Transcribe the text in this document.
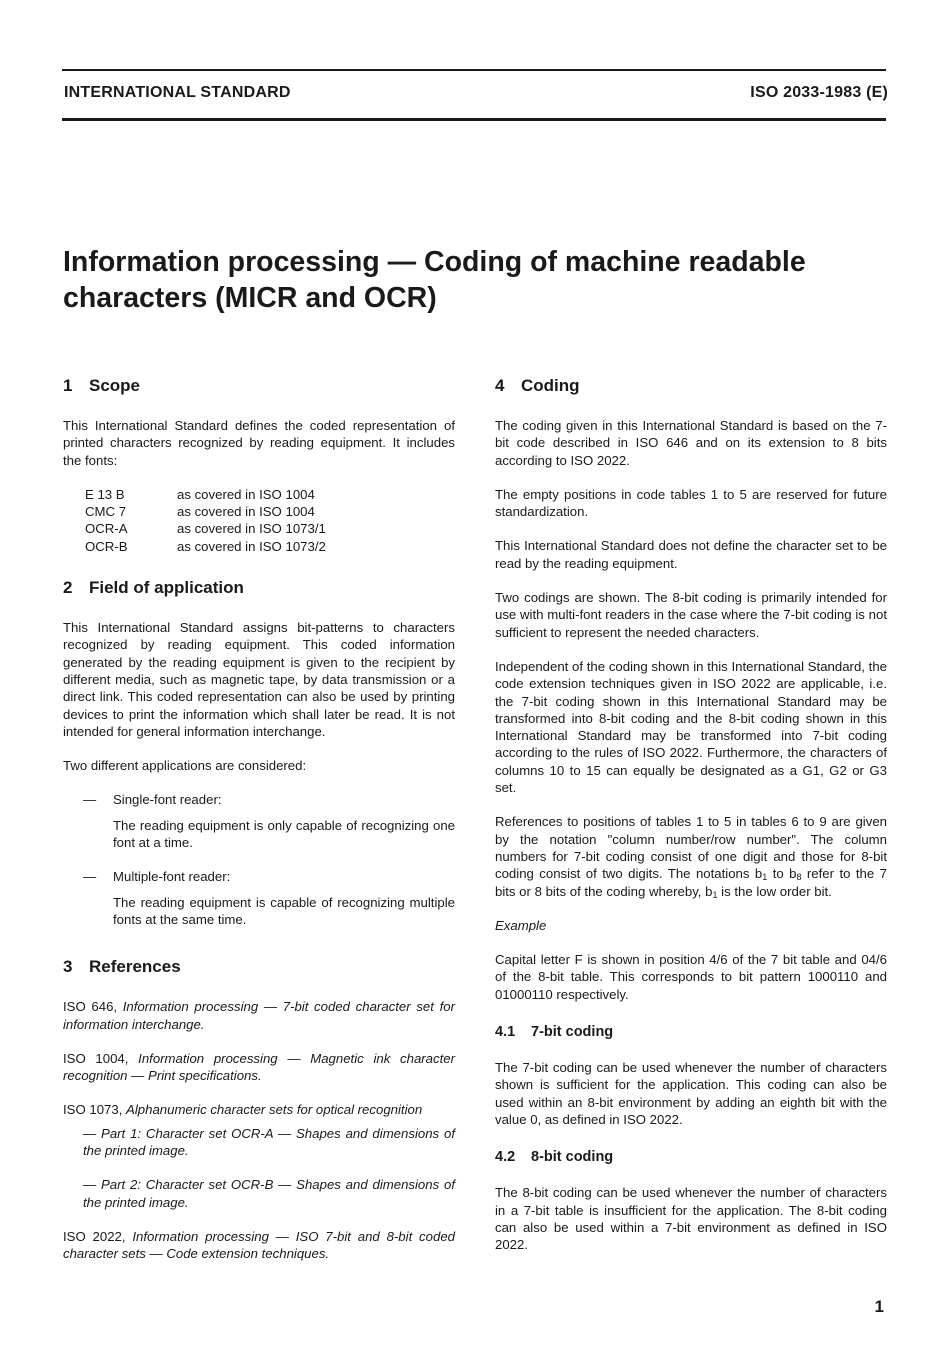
INTERNATIONAL STANDARD	ISO 2033-1983 (E)
Information processing — Coding of machine readable characters (MICR and OCR)
1 Scope

This International Standard defines the coded representation of printed characters recognized by reading equipment. It includes the fonts:

E 13 B	as covered in ISO 1004
CMC 7	as covered in ISO 1004
OCR-A	as covered in ISO 1073/1
OCR-B	as covered in ISO 1073/2
2 Field of application

This International Standard assigns bit-patterns to characters recognized by reading equipment. This coded information generated by the reading equipment is given to the recipient by different media, such as magnetic tape, by data transmission or a direct link. This coded representation can also be used by printing devices to print the information which shall later be read. It is not intended for general information interchange.

Two different applications are considered:

— Single-font reader:

The reading equipment is only capable of recognizing one font at a time.

— Multiple-font reader:

The reading equipment is capable of recognizing multiple fonts at the same time.

3 References

ISO 646, Information processing — 7-bit coded character set for information interchange.

ISO 1004, Information processing — Magnetic ink character recognition — Print specifications.

ISO 1073, Alphanumeric character sets for optical recognition

— Part 1: Character set OCR-A — Shapes and dimensions of the printed image.

— Part 2: Character set OCR-B — Shapes and dimensions of the printed image.

ISO 2022, Information processing — ISO 7-bit and 8-bit coded character sets — Code extension techniques.

4 Coding

The coding given in this International Standard is based on the 7-bit code described in ISO 646 and on its extension to 8 bits according to ISO 2022.

The empty positions in code tables 1 to 5 are reserved for future standardization.

This International Standard does not define the character set to be read by the reading equipment.

Two codings are shown. The 8-bit coding is primarily intended for use with multi-font readers in the case where the 7-bit coding is not sufficient to represent the needed characters.

Independent of the coding shown in this International Standard, the code extension techniques given in ISO 2022 are applicable, i.e. the 7-bit coding shown in this International Standard may be transformed into 8-bit coding and the 8-bit coding shown in this International Standard may be transformed into 7-bit coding according to the rules of ISO 2022. Furthermore, the characters of columns 10 to 15 can equally be designated as a G1, G2 or G3 set.

References to positions of tables 1 to 5 in tables 6 to 9 are given by the notation "column number/row number". The column numbers for 7-bit coding consist of one digit and those for 8-bit coding consist of two digits. The notations $b_1$ to $b_8$ refer to the 7 bits or 8 bits of the coding whereby, $b_1$ is the low order bit.

Example

Capital letter F is shown in position 4/6 of the 7 bit table and 04/6 of the 8-bit table. This corresponds to bit pattern 1000110 and 01000110 respectively.

4.1 7-bit coding

The 7-bit coding can be used whenever the number of characters shown is sufficient for the application. This coding can also be used within an 8-bit environment by adding an eighth bit with the value 0, as defined in ISO 2022.

4.2 8-bit coding

The 8-bit coding can be used whenever the number of characters in a 7-bit table is insufficient for the application. The 8-bit coding can also be used within a 7-bit environment as defined in ISO 2022.

1
